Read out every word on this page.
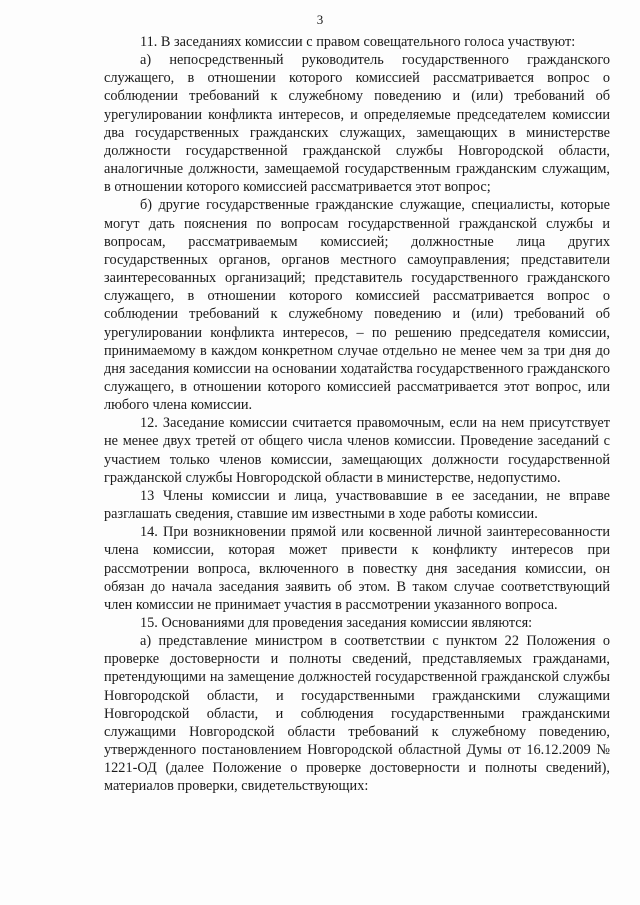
3

11. В заседаниях комиссии с правом совещательного голоса участвуют:

а) непосредственный руководитель государственного гражданского служащего, в отношении которого комиссией рассматривается вопрос о соблюдении требований к служебному поведению и (или) требований об урегулировании конфликта интересов, и определяемые председателем комиссии два государственных гражданских служащих, замещающих в министерстве должности государственной гражданской службы Новгородской области, аналогичные должности, замещаемой государственным гражданским служащим, в отношении которого комиссией рассматривается этот вопрос;

б) другие государственные гражданские служащие, специалисты, которые могут дать пояснения по вопросам государственной гражданской службы и вопросам, рассматриваемым комиссией; должностные лица других государственных органов, органов местного самоуправления; представители заинтересованных организаций; представитель государственного гражданского служащего, в отношении которого комиссией рассматривается вопрос о соблюдении требований к служебному поведению и (или) требований об урегулировании конфликта интересов, – по решению председателя комиссии, принимаемому в каждом конкретном случае отдельно не менее чем за три дня до дня заседания комиссии на основании ходатайства государственного гражданского служащего, в отношении которого комиссией рассматривается этот вопрос, или любого члена комиссии.

12. Заседание комиссии считается правомочным, если на нем присутствует не менее двух третей от общего числа членов комиссии. Проведение заседаний с участием только членов комиссии, замещающих должности государственной гражданской службы Новгородской области в министерстве, недопустимо.

13 Члены комиссии и лица, участвовавшие в ее заседании, не вправе разглашать сведения, ставшие им известными в ходе работы комиссии.

14. При возникновении прямой или косвенной личной заинтересованности члена комиссии, которая может привести к конфликту интересов при рассмотрении вопроса, включенного в повестку дня заседания комиссии, он обязан до начала заседания заявить об этом. В таком случае соответствующий член комиссии не принимает участия в рассмотрении указанного вопроса.

15. Основаниями для проведения заседания комиссии являются:

а) представление министром в соответствии с пунктом 22 Положения о проверке достоверности и полноты сведений, представляемых гражданами, претендующими на замещение должностей государственной гражданской службы Новгородской области, и государственными гражданскими служащими Новгородской области, и соблюдения государственными гражданскими служащими Новгородской области требований к служебному поведению, утвержденного постановлением Новгородской областной Думы от 16.12.2009 № 1221-ОД (далее Положение о проверке достоверности и полноты сведений), материалов проверки, свидетельствующих:
